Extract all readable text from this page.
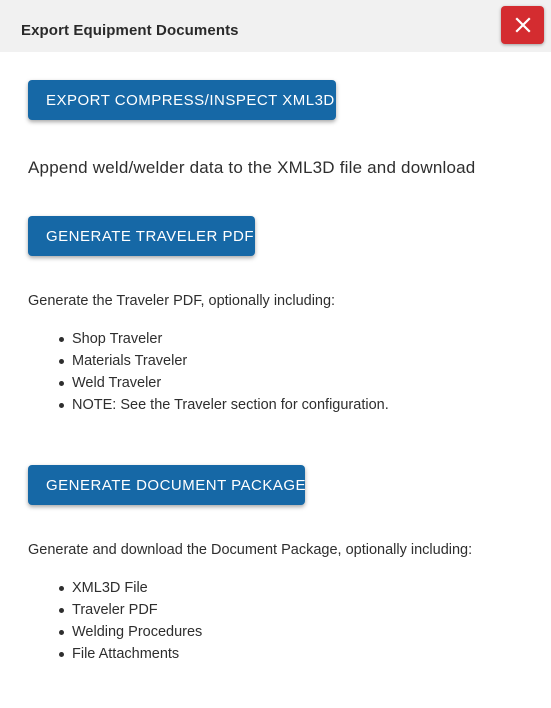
Export Equipment Documents
EXPORT COMPRESS/INSPECT XML3D
Append weld/welder data to the XML3D file and download
GENERATE TRAVELER PDF
Generate the Traveler PDF, optionally including:
Shop Traveler
Materials Traveler
Weld Traveler
NOTE: See the Traveler section for configuration.
GENERATE DOCUMENT PACKAGE
Generate and download the Document Package, optionally including:
XML3D File
Traveler PDF
Welding Procedures
File Attachments
